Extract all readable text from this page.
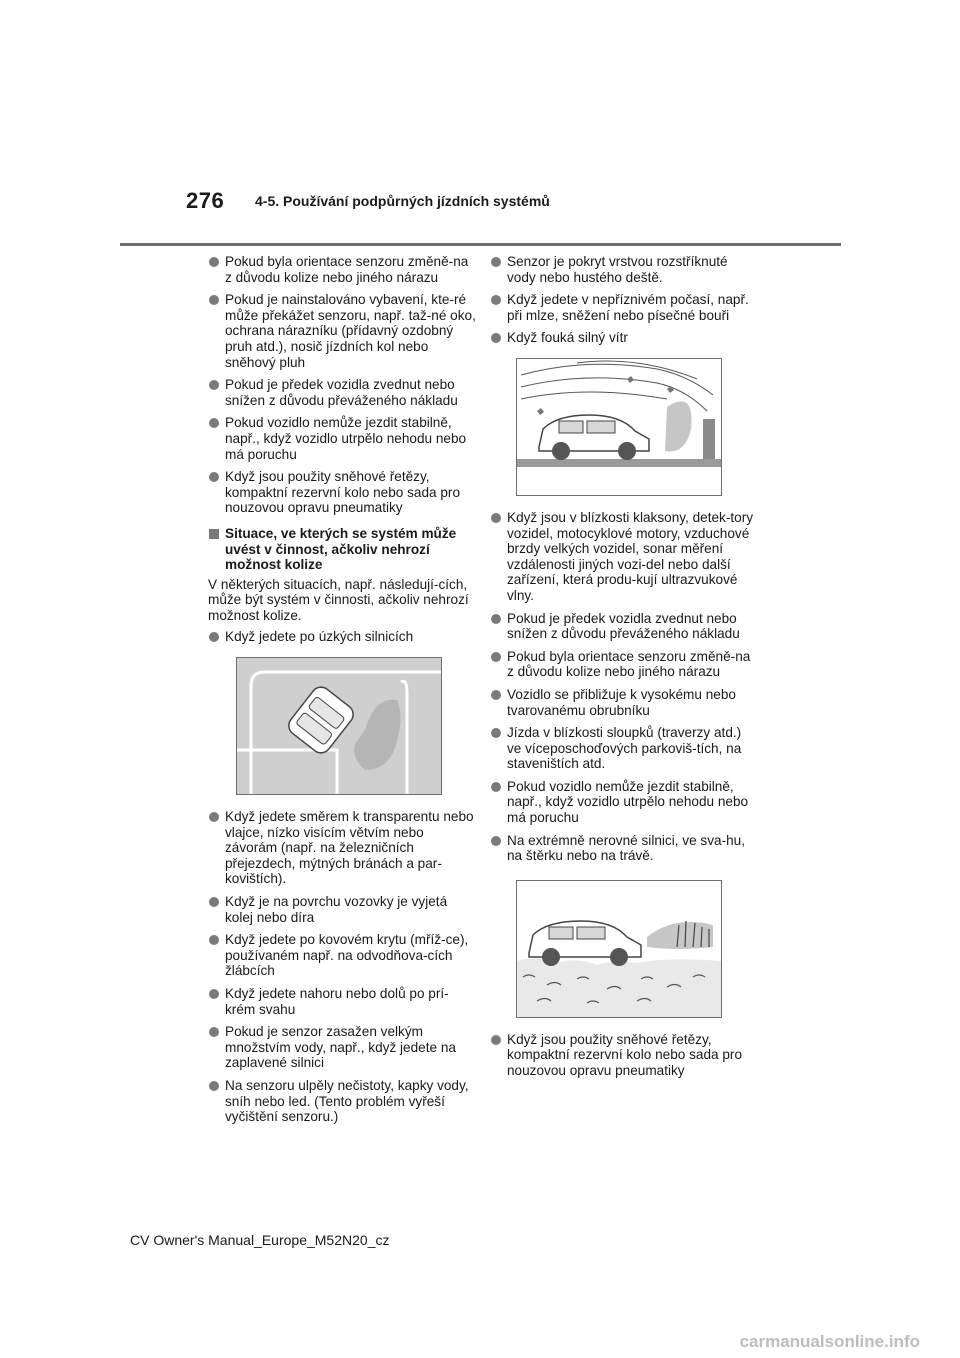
276 4-5. Používání podpůrných jízdních systémů
Pokud byla orientace senzoru změně-na z důvodu kolize nebo jiného nárazu
Pokud je nainstalováno vybavení, kte-ré může překážet senzoru, např. taž-né oko, ochrana nárazníku (přídavný ozdobný pruh atd.), nosič jízdních kol nebo sněhový pluh
Pokud je předek vozidla zvednut nebo snížen z důvodu převáženého nákladu
Pokud vozidlo nemůže jezdit stabilně, např., když vozidlo utrpělo nehodu nebo má poruchu
Když jsou použity sněhové řetězy, kompaktní rezervní kolo nebo sada pro nouzovou opravu pneumatiky
Situace, ve kterých se systém může uvést v činnost, ačkoliv nehrozí možnost kolize
V některých situacích, např. následují-cích, může být systém v činnosti, ačkoliv nehrozí možnost kolize.
Když jedete po úzkých silnicích
Když jedete směrem k transparentu nebo vlajce, nízko visícím větvím nebo závorám (např. na železničních přejezdech, mýtných bránách a par-kovištích).
Když je na povrchu vozovky je vyjetá kolej nebo díra
Když jedete po kovovém krytu (mříž-ce), používaném např. na odvodňova-cích žlábcích
Když jedete nahoru nebo dolů po prí-krém svahu
Pokud je senzor zasažen velkým množstvím vody, např., když jedete na zaplavené silnici
Na senzoru ulpěly nečistoty, kapky vody, sníh nebo led. (Tento problém vyřeší vyčištění senzoru.)
Senzor je pokryt vrstvou rozstříknuté vody nebo hustého deště.
Když jedete v nepříznivém počasí, např. při mlze, sněžení nebo písečné bouři
Když fouká silný vítr
Když jsou v blízkosti klaksony, detek-tory vozidel, motocyklové motory, vzduchové brzdy velkých vozidel, sonar měření vzdálenosti jiných vozi-del nebo další zařízení, která produ-kují ultrazvukové vlny.
Pokud je předek vozidla zvednut nebo snížen z důvodu převáženého nákladu
Pokud byla orientace senzoru změně-na z důvodu kolize nebo jiného nárazu
Vozidlo se přibližuje k vysokému nebo tvarovanému obrubníku
Jízda v blízkosti sloupků (traverzy atd.) ve víceposchoďových parkoviš-tích, na staveništích atd.
Pokud vozidlo nemůže jezdit stabilně, např., když vozidlo utrpělo nehodu nebo má poruchu
Na extrémně nerovné silnici, ve sva-hu, na štěrku nebo na trávě.
Když jsou použity sněhové řetězy, kompaktní rezervní kolo nebo sada pro nouzovou opravu pneumatiky
CV Owner's Manual_Europe_M52N20_cz
carmanualsonline.info
